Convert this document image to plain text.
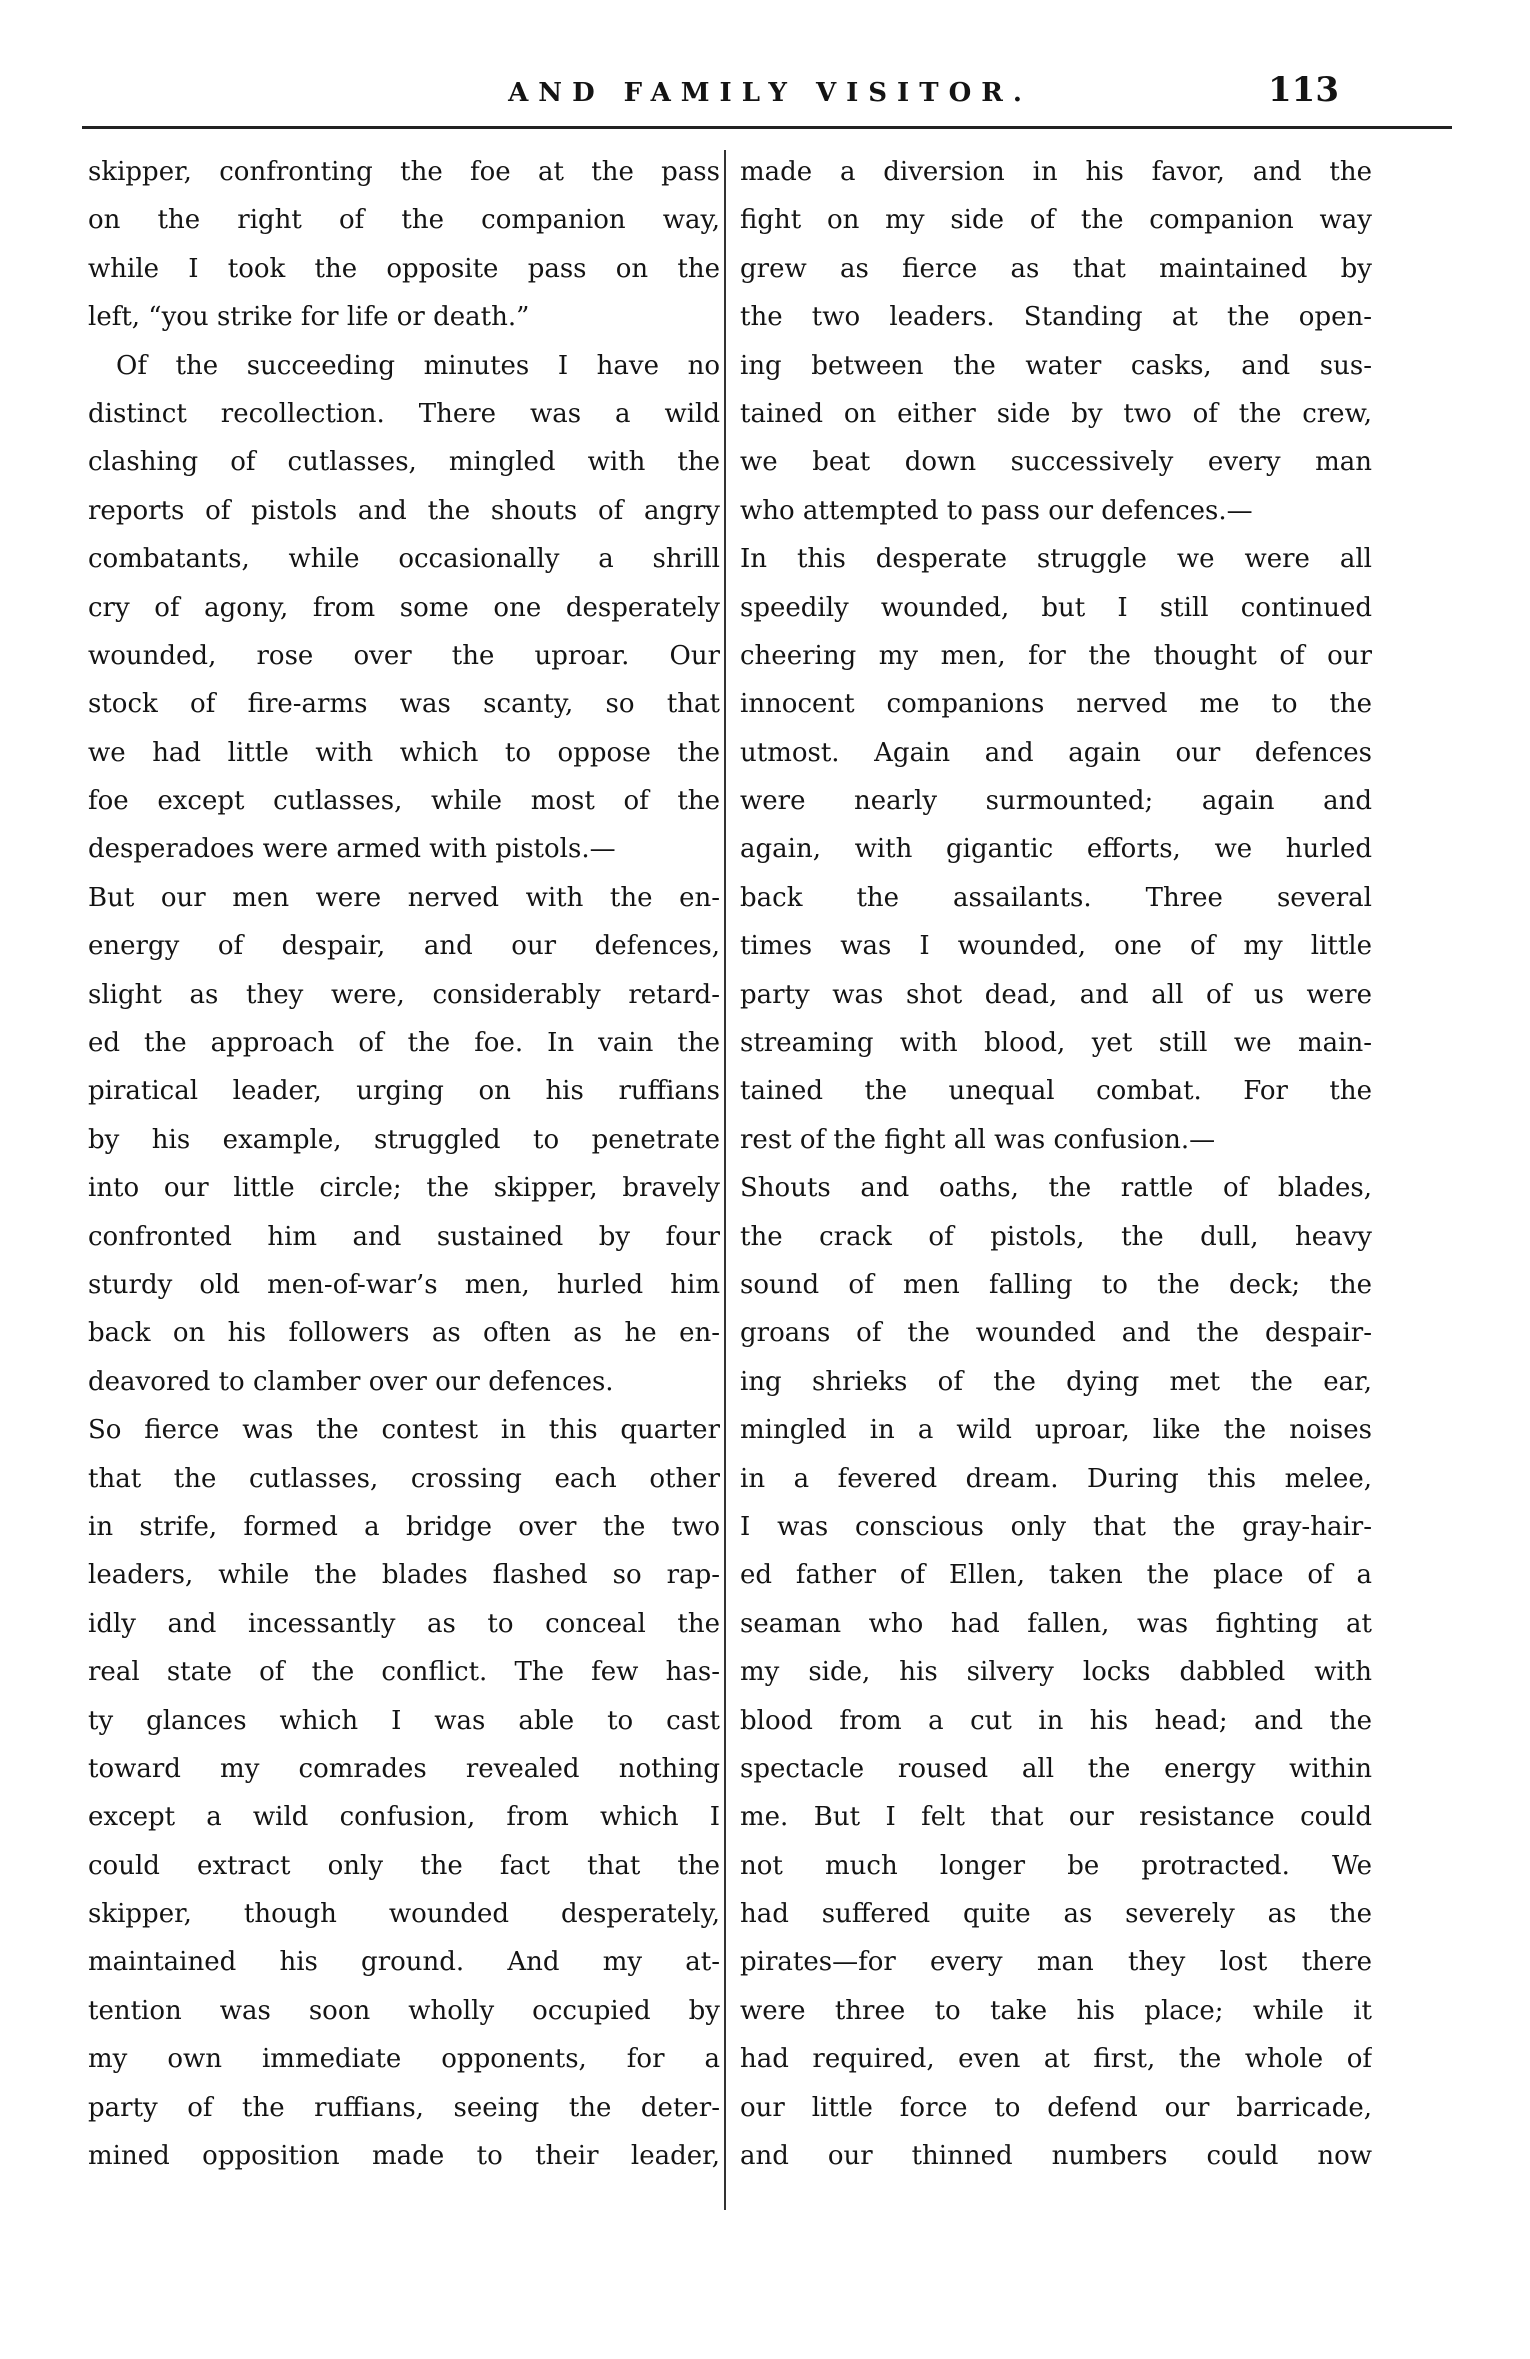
AND FAMILY VISITOR.	113
skipper, confronting the foe at the pass
on the right of the companion way,
while I took the opposite pass on the
left, “you strike for life or death.”
Of the succeeding minutes I have no
distinct recollection. There was a wild
clashing of cutlasses, mingled with the
reports of pistols and the shouts of angry
combatants, while occasionally a shrill
cry of agony, from some one desperately
wounded, rose over the uproar. Our
stock of fire-arms was scanty, so that
we had little with which to oppose the
foe except cutlasses, while most of the
desperadoes were armed with pistols.—
But our men were nerved with the en-
energy of despair, and our defences,
slight as they were, considerably retard-
ed the approach of the foe. In vain the
piratical leader, urging on his ruffians
by his example, struggled to penetrate
into our little circle; the skipper, bravely
confronted him and sustained by four
sturdy old men-of-war’s men, hurled him
back on his followers as often as he en-
deavored to clamber over our defences.
So fierce was the contest in this quarter
that the cutlasses, crossing each other
in strife, formed a bridge over the two
leaders, while the blades flashed so rap-
idly and incessantly as to conceal the
real state of the conflict. The few has-
ty glances which I was able to cast
toward my comrades revealed nothing
except a wild confusion, from which I
could extract only the fact that the
skipper, though wounded desperately,
maintained his ground. And my at-
tention was soon wholly occupied by
my own immediate opponents, for a
party of the ruffians, seeing the deter-
mined opposition made to their leader,
made a diversion in his favor, and the
fight on my side of the companion way
grew as fierce as that maintained by
the two leaders. Standing at the open-
ing between the water casks, and sus-
tained on either side by two of the crew,
we beat down successively every man
who attempted to pass our defences.—
In this desperate struggle we were all
speedily wounded, but I still continued
cheering my men, for the thought of our
innocent companions nerved me to the
utmost. Again and again our defences
were nearly surmounted; again and
again, with gigantic efforts, we hurled
back the assailants. Three several
times was I wounded, one of my little
party was shot dead, and all of us were
streaming with blood, yet still we main-
tained the unequal combat. For the
rest of the fight all was confusion.—
Shouts and oaths, the rattle of blades,
the crack of pistols, the dull, heavy
sound of men falling to the deck; the
groans of the wounded and the despair-
ing shrieks of the dying met the ear,
mingled in a wild uproar, like the noises
in a fevered dream. During this melee,
I was conscious only that the gray-hair-
ed father of Ellen, taken the place of a
seaman who had fallen, was fighting at
my side, his silvery locks dabbled with
blood from a cut in his head; and the
spectacle roused all the energy within
me. But I felt that our resistance could
not much longer be protracted. We
had suffered quite as severely as the
pirates—for every man they lost there
were three to take his place; while it
had required, even at first, the whole of
our little force to defend our barricade,
and our thinned numbers could now
